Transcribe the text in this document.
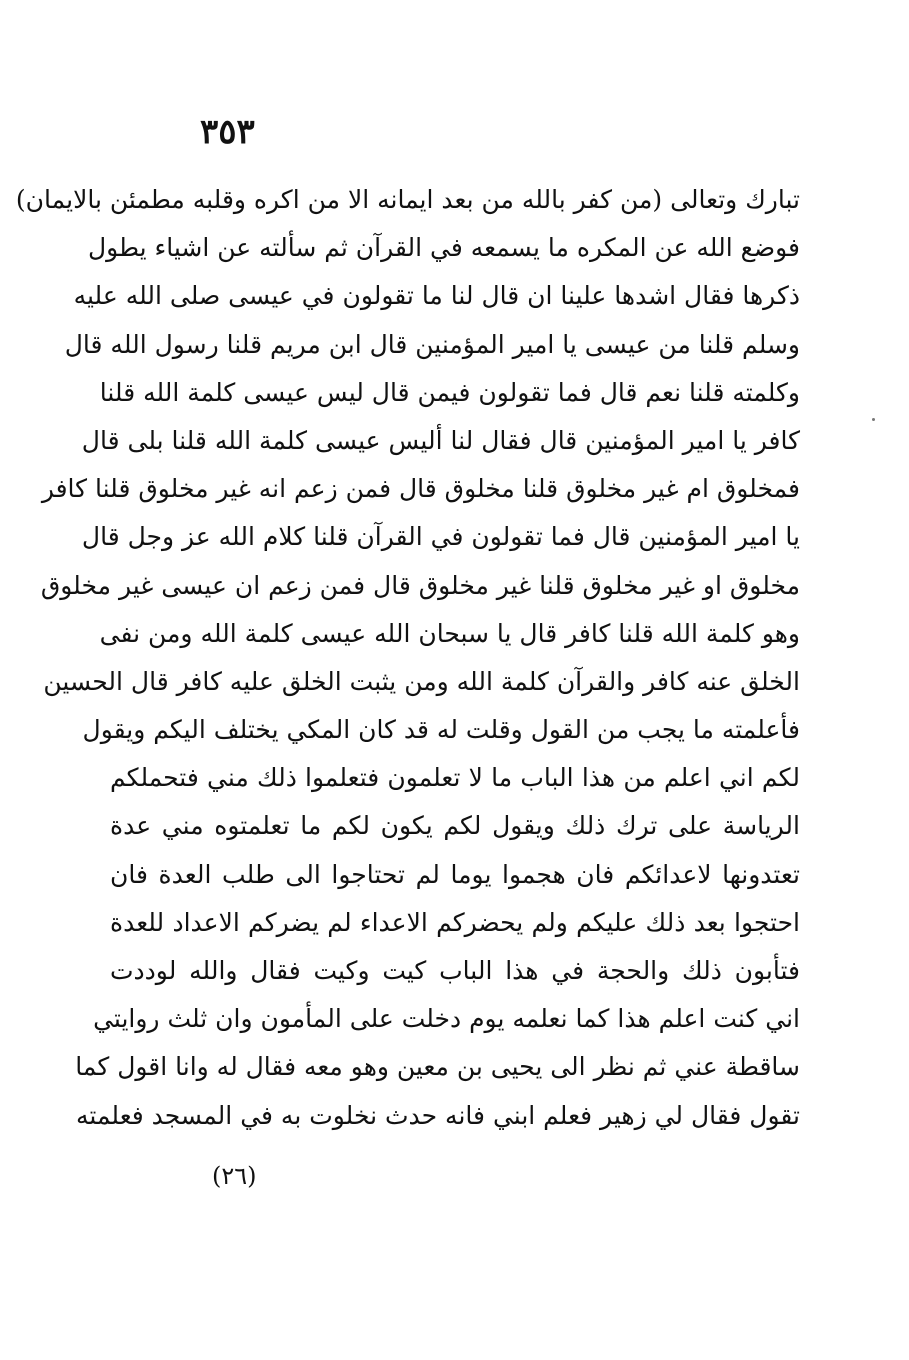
٣٥٣
تبارك وتعالى (من كفر بالله من بعد ايمانه الا من اكره وقلبه مطمئن بالايمان)
فوضع الله عن المكره ما يسمعه في القرآن ثم سألته عن اشياء يطول
ذكرها فقال اشدها علينا ان قال لنا ما تقولون في عيسى صلى الله عليه
وسلم قلنا من عيسى يا امير المؤمنين قال ابن مريم قلنا رسول الله قال
وكلمته قلنا نعم قال فما تقولون فيمن قال ليس عيسى كلمة الله قلنا
كافر يا امير المؤمنين قال فقال لنا أليس عيسى كلمة الله قلنا بلى قال
فمخلوق ام غير مخلوق قلنا مخلوق قال فمن زعم انه غير مخلوق قلنا كافر
يا امير المؤمنين قال فما تقولون في القرآن قلنا كلام الله عز وجل قال
مخلوق او غير مخلوق قلنا غير مخلوق قال فمن زعم ان عيسى غير مخلوق
وهو كلمة الله قلنا كافر قال يا سبحان الله عيسى كلمة الله ومن نفى
الخلق عنه كافر والقرآن كلمة الله ومن يثبت الخلق عليه كافر قال الحسين
فأعلمته ما يجب من القول وقلت له قد كان المكي يختلف اليكم ويقول
لكم اني اعلم من هذا الباب ما لا تعلمون فتعلموا ذلك مني فتحملكم
الرياسة على ترك ذلك ويقول لكم يكون لكم ما تعلمتوه مني عدة
تعتدونها لاعدائكم فان هجموا يوما لم تحتاجوا الى طلب العدة فان
احتجوا بعد ذلك عليكم ولم يحضركم الاعداء لم يضركم الاعداد للعدة
فتأبون ذلك والحجة في هذا الباب كيت وكيت فقال والله لوددت
اني كنت اعلم هذا كما نعلمه يوم دخلت على المأمون وان ثلث روايتي
ساقطة عني ثم نظر الى يحيى بن معين وهو معه فقال له وانا اقول كما
تقول فقال لي زهير فعلم ابني فانه حدث نخلوت به في المسجد فعلمته
(٢٦)
